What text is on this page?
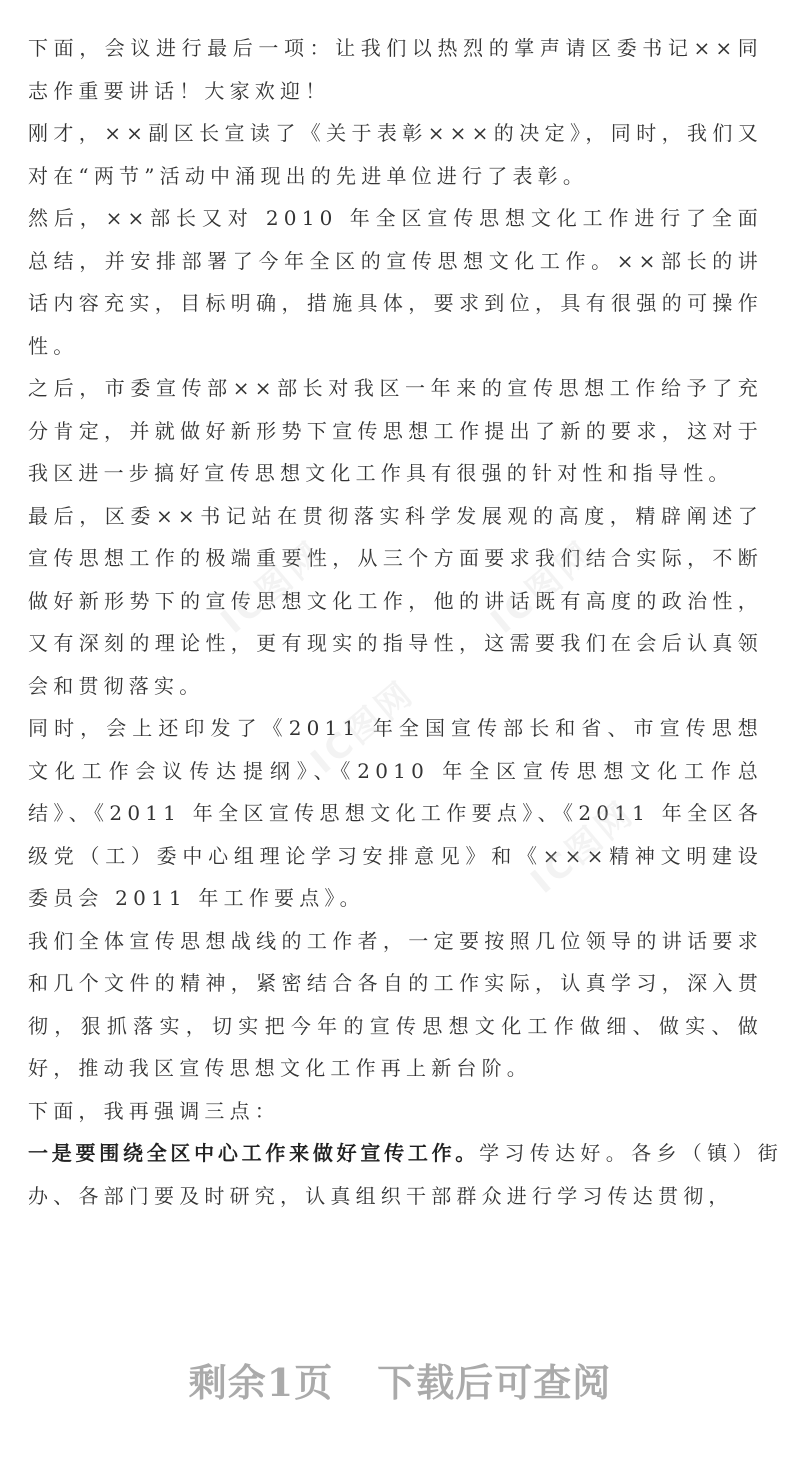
下面，会议进行最后一项：让我们以热烈的掌声请区委书记××同志作重要讲话！大家欢迎！

刚才，××副区长宣读了《关于表彰×××的决定》，同时，我们又对在“两节”活动中涌现出的先进单位进行了表彰。

然后，××部长又对 2010 年全区宣传思想文化工作进行了全面总结，并安排部署了今年全区的宣传思想文化工作。××部长的讲话内容充实，目标明确，措施具体，要求到位，具有很强的可操作性。

之后，市委宣传部××部长对我区一年来的宣传思想工作给予了充分肯定，并就做好新形势下宣传思想工作提出了新的要求，这对于我区进一步搞好宣传思想文化工作具有很强的针对性和指导性。

最后，区委××书记站在贯彻落实科学发展观的高度，精辟阐述了宣传思想工作的极端重要性，从三个方面要求我们结合实际，不断做好新形势下的宣传思想文化工作，他的讲话既有高度的政治性，又有深刻的理论性，更有现实的指导性，这需要我们在会后认真领会和贯彻落实。

同时，会上还印发了《2011 年全国宣传部长和省、市宣传思想文化工作会议传达提纲》、《2010 年全区宣传思想文化工作总结》、《2011 年全区宣传思想文化工作要点》、《2011 年全区各级党（工）委中心组理论学习安排意见》和《×××精神文明建设委员会 2011 年工作要点》。

我们全体宣传思想战线的工作者，一定要按照几位领导的讲话要求和几个文件的精神，紧密结合各自的工作实际，认真学习，深入贯彻，狠抓落实，切实把今年的宣传思想文化工作做细、做实、做好，推动我区宣传思想文化工作再上新台阶。

下面，我再强调三点：

一是要围绕全区中心工作来做好宣传工作。学习传达好。各乡（镇）街办、各部门要及时研究，认真组织干部群众进行学习传达贯彻，

IC图网	IC图网
IC图网
IC图网
剩余1页 下载后可查阅
